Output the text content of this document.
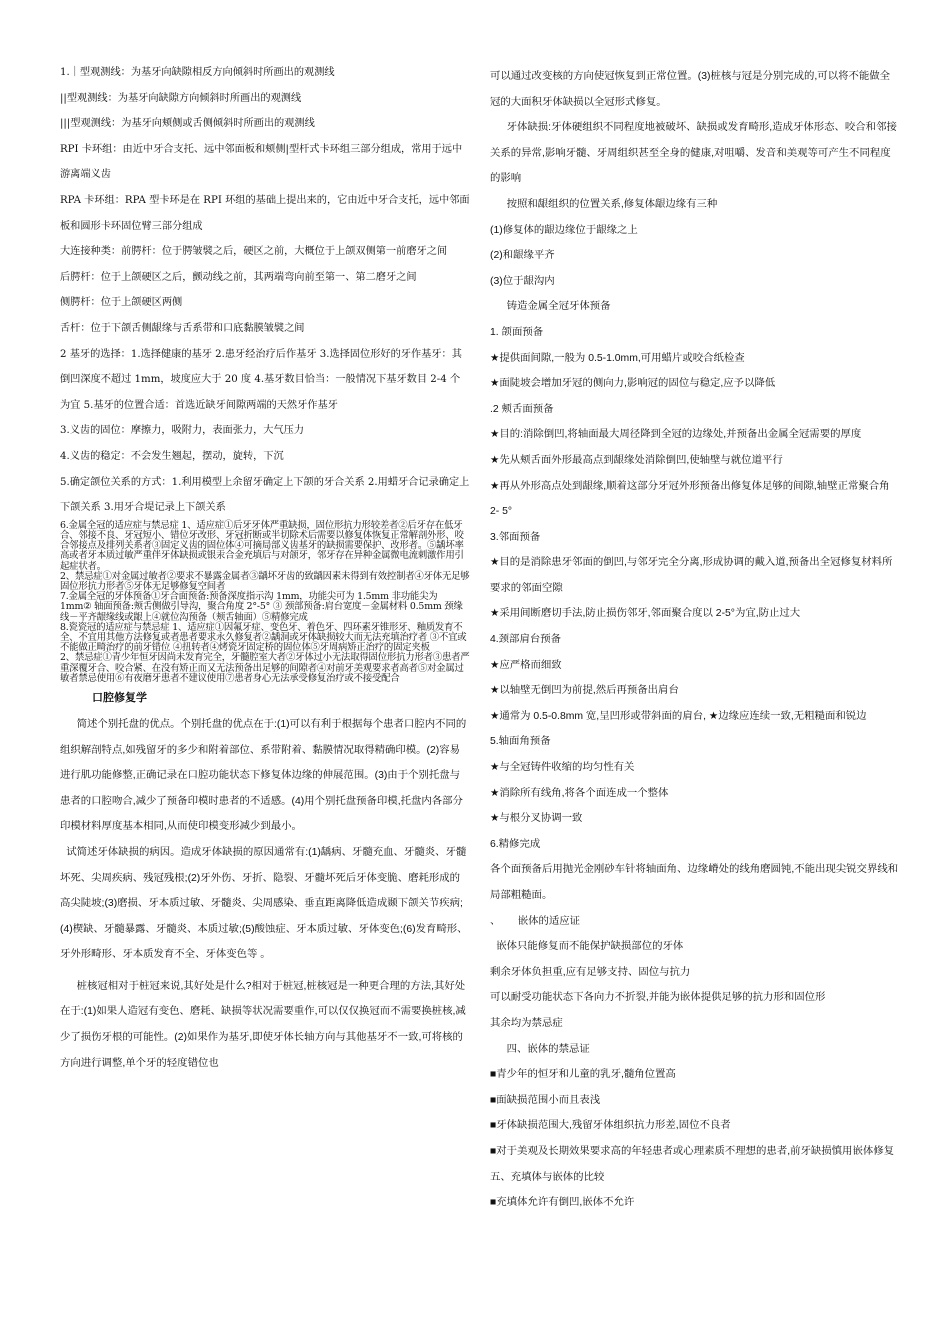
1.｜型观测线：为基牙向缺隙相反方向倾斜时所画出的观测线

||型观测线：为基牙向缺隙方向倾斜时所画出的观测线

|||型观测线：为基牙向颊侧或舌侧倾斜时所画出的观测线

RPI 卡环组：由近中牙合支托、远中邻面板和颊侧|型杆式卡环组三部分组成，常用于远中游离端义齿

RPA 卡环组：RPA 型卡环是在 RPI 环组的基础上提出来的，它由近中牙合支托，远中邻面板和圆形卡环固位臂三部分组成

大连接种类：前腭杆：位于腭皱襞之后，硬区之前，大概位于上颌双侧第一前磨牙之间

后腭杆：位于上颌硬区之后，颤动线之前，其两端弯向前至第一、第二磨牙之间

侧腭杆：位于上颌硬区两侧

舌杆：位于下颌舌侧龈缘与舌系带和口底黏膜皱襞之间

2 基牙的选择：1.选择健康的基牙 2.患牙经治疗后作基牙 3.选择固位形好的牙作基牙：其倒凹深度不超过 1mm，坡度应大于 20 度 4.基牙数目恰当：一般情况下基牙数目 2-4 个为宜 5.基牙的位置合适：首选近缺牙间隙两端的天然牙作基牙

3.义齿的固位：摩擦力，吸附力，表面张力，大气压力

4.义齿的稳定：不会发生翘起，摆动，旋转，下沉

5.确定颌位关系的方式：1.利用模型上余留牙确定上下颌的牙合关系 2.用蜡牙合记录确定上下颌关系 3.用牙合堤记录上下颌关系

6.金属全冠的适应症与禁忌症 1、适应症①后牙牙体严重缺损，固位形抗力形较差者②后牙存在低牙合、邻接不良、牙冠短小、错位牙改形、牙冠折断或半切除术后需要以修复体恢复正常解剖外形、咬合邻接点及排列关系者③固定义齿的固位体④可摘局部义齿基牙的缺损需要保护、改形者。⑤龋坏率高或者牙本质过敏严重伴牙体缺损或银汞合金充填后与对颌牙，邻牙存在异种金属微电流刺激作用引起症状者。

2、禁忌症①对金属过敏者②要求不暴露金属者③龋坏牙齿的致龋因素未得到有效控制者④牙体无足够固位形抗力形者⑤牙体无足够修复空间者

7.金属全冠的牙体预备①牙合面预备:预备深度指示沟 1mm，功能尖可为 1.5mm 非功能尖为 1mm② 轴面预备:颊舌侧做引导沟，聚合角度 2°-5° ③ 颈部预备:肩台宽度－金属材料 0.5mm 颈缘线－平齐龈缘线或龈上④就位沟预备（颊舌轴面）⑤精修完成

8.瓷瓷冠的适应症与禁忌症 1、适应症①因氟牙症、变色牙、着色牙、四环素牙锥形牙、釉质发育不全、不宜用其他方法修复或者患者要求永久修复者②龋洞或牙体缺损较大而无法充填治疗者 ③不宜或不能做正畸治疗的前牙错位 ④扭转者④烤瓷牙固定桥的固位体⑤牙周病矫正治疗的固定夹板

2、禁忌症①青少年恒牙因尚未发育完全，牙髓腔室大者②牙体过小无法取得固位形抗力形者③患者严重深覆牙合、咬合紧、在没有矫正而又无法预备出足够的间隙者④对前牙美观要求者高者⑤对金属过敏者禁忌使用⑥有夜磨牙患者不建议使用⑦患者身心无法承受修复治疗或不接受配合

口腔修复学

简述个别托盘的优点。个别托盘的优点在于:(1)可以有利于根据每个患者口腔内不同的组织解剖特点,如残留牙的多少和附着部位、系带附着、黏膜情况取得精确印模。(2)容易进行肌功能修整,正确记录在口腔功能状态下修复体边缘的伸展范围。(3)由于个别托盘与患者的口腔吻合,减少了预备印模时患者的不适感。(4)用个别托盘预备印模,托盘内各部分印模材料厚度基本相同,从而使印模变形减少到最小。

试简述牙体缺损的病因。造成牙体缺损的原因通常有:(1)龋病、牙髓充血、牙髓炎、牙髓坏死、尖周疾病、残冠残根;(2)牙外伤、牙折、隐裂、牙髓坏死后牙体变脆、磨耗形成的高尖陡坡;(3)磨损、牙本质过敏、牙髓炎、尖周感染、垂直距离降低造成颞下颌关节疾病;(4)楔缺、牙髓暴露、牙髓炎、本质过敏;(5)酸蚀症、牙本质过敏、牙体变色;(6)发育畸形、牙外形畸形、牙本质发育不全、牙体变色等 。

桩核冠相对于桩冠来说,其好处是什么?相对于桩冠,桩核冠是一种更合理的方法,其好处在于:(1)如果人造冠有变色、磨耗、缺损等状况需要重作,可以仅仅换冠而不需要换桩核,减少了损伤牙根的可能性。(2)如果作为基牙,即使牙体长轴方向与其他基牙不一致,可将核的方向进行调整,单个牙的轻度错位也

可以通过改变核的方向使冠恢复到正常位置。(3)桩核与冠是分别完成的,可以将不能做全冠的大面积牙体缺损以全冠形式修复。

牙体缺损:牙体硬组织不同程度地被破坏、缺损或发育畸形,造成牙体形态、咬合和邻接关系的异常,影响牙髓、牙周组织甚至全身的健康,对咀嚼、发音和美观等可产生不同程度的影响

按照和龈组织的位置关系,修复体龈边缘有三种

(1)修复体的龈边缘位于龈缘之上

(2)和龈缘平齐

(3)位于龈沟内

铸造金属全冠牙体预备

1. 颌面预备

★提供面间隙,一般为 0.5-1.0mm,可用蜡片或咬合纸检查

★面陡坡会增加牙冠的侧向力,影响冠的固位与稳定,应予以降低

.2 颊舌面预备

★目的:消除倒凹,将轴面最大周径降到全冠的边缘处,并预备出金属全冠需要的厚度

★先从颊舌面外形最高点到龈缘处消除倒凹,使轴壁与就位道平行

★再从外形高点处到龈缘,顺着这部分牙冠外形预备出修复体足够的间隙,轴壁正常聚合角 2- 5°

3.邻面预备

★目的是消除患牙邻面的倒凹,与邻牙完全分离,形成协调的戴入道,预备出全冠修复材料所要求的邻面空隙

★采用间断磨切手法,防止损伤邻牙,邻面聚合度以 2-5°为宜,防止过大

4.颈部肩台预备

★应严格而细致

★以轴壁无倒凹为前提,然后再预备出肩台

★通常为 0.5-0.8mm 宽,呈凹形或带斜面的肩台, ★边缘应连续一致,无粗糙面和锐边

5.轴面角预备

★与全冠铸件收缩的均匀性有关

★消除所有线角,将各个面连成一个整体

★与根分叉协调一致

6.精修完成

各个面预备后用抛光金刚砂车针将轴面角、边缘嵴处的线角磨圆钝,不能出现尖锐交界线和局部粗糙面。

、      嵌体的适应证

嵌体只能修复而不能保护缺损部位的牙体

剩余牙体负担重,应有足够支持、固位与抗力

可以耐受功能状态下各向力不折裂,并能为嵌体提供足够的抗力形和固位形

其余均为禁忌症

四、嵌体的禁忌证

■青少年的恒牙和儿童的乳牙,髓角位置高

■面缺损范围小而且表浅

■牙体缺损范围大,残留牙体组织抗力形差,固位不良者

■对于美观及长期效果要求高的年轻患者或心理素质不理想的患者,前牙缺损慎用嵌体修复五、充填体与嵌体的比较

■充填体允许有倒凹,嵌体不允许
